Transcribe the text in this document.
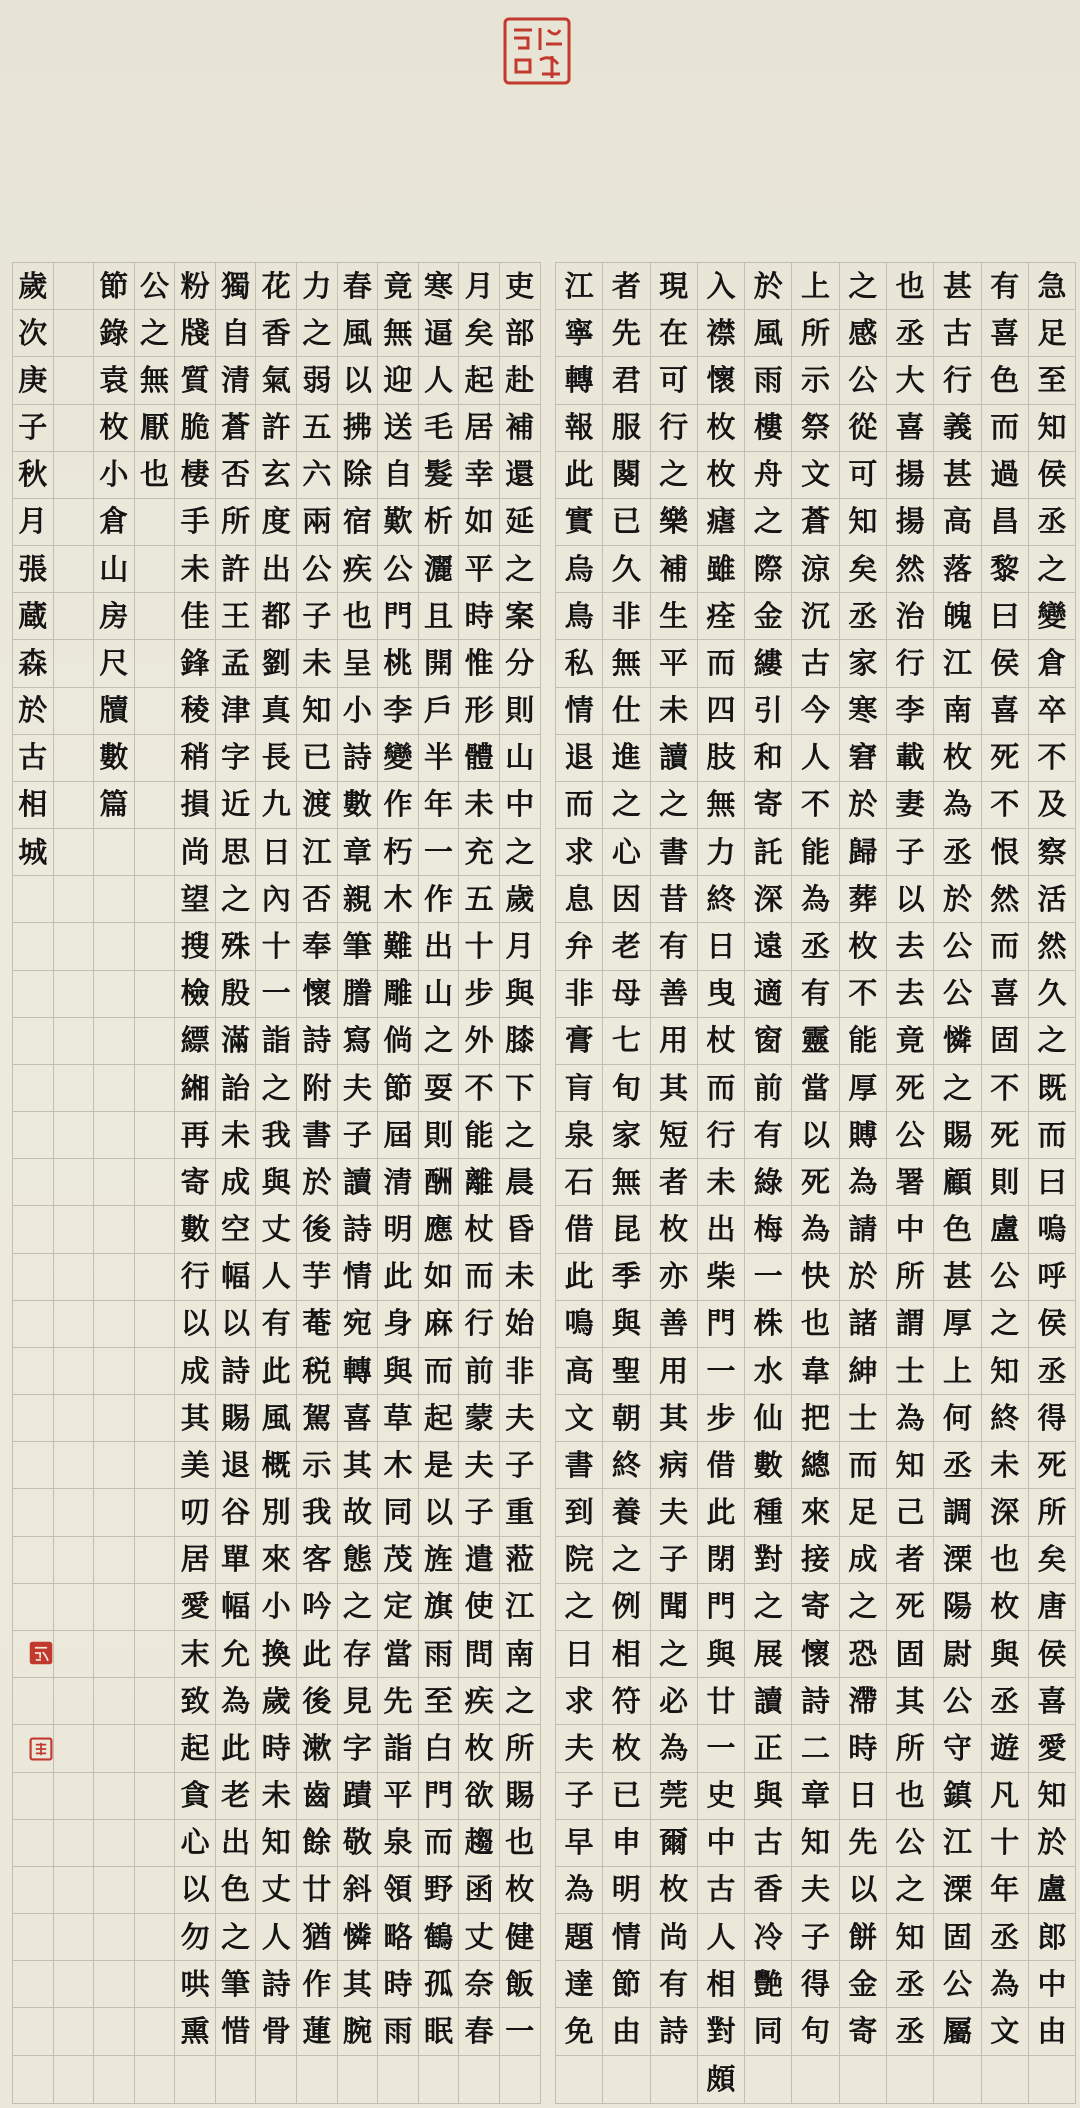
急
足
至
知
侯
丞
之
變
倉
卒
不
及
察
活
然
久
之
既
而
曰
嗚
呼
侯
丞
得
死
所
矣
唐
侯
喜
愛
知
於
盧
郎
中
由
有
喜
色
而
過
昌
黎
曰
侯
喜
死
不
恨
然
而
喜
固
不
死
則
盧
公
之
知
終
未
深
也
枚
與
丞
遊
凡
十
年
丞
為
文
甚
古
行
義
甚
高
落
魄
江
南
枚
為
丞
於
公
公
憐
之
賜
顧
色
甚
厚
上
何
丞
調
溧
陽
尉
公
守
鎮
江
溧
固
公
屬
也
丞
大
喜
揚
揚
然
治
行
李
載
妻
子
以
去
去
竟
死
公
署
中
所
謂
士
為
知
己
者
死
固
其
所
也
公
之
知
丞
丞
之
感
公
從
可
知
矣
丞
家
寒
窘
於
歸
葬
枚
不
能
厚
賻
為
請
於
諸
紳
士
而
足
成
之
恐
滯
時
日
先
以
餅
金
寄
上
所
示
祭
文
蒼
涼
沉
古
今
人
不
能
為
丞
有
靈
當
以
死
為
快
也
韋
把
總
來
接
寄
懷
詩
二
章
知
夫
子
得
句
於
風
雨
樓
舟
之
際
金
縷
引
和
寄
託
深
遠
適
窗
前
有
綠
梅
一
株
水
仙
數
種
對
之
展
讀
正
與
古
香
冷
艷
同
入
襟
懷
枚
枚
瘧
雖
痊
而
四
肢
無
力
終
日
曳
杖
而
行
未
出
柴
門
一
步
借
此
閉
門
與
廿
一
史
中
古
人
相
對
頗
現
在
可
行
之
樂
補
生
平
未
讀
之
書
昔
有
善
用
其
短
者
枚
亦
善
用
其
病
夫
子
聞
之
必
為
莞
爾
枚
尚
有
詩
者
先
君
服
闋
已
久
非
無
仕
進
之
心
因
老
母
七
旬
家
無
昆
季
與
聖
朝
終
養
之
例
相
符
枚
已
申
明
情
節
由
江
寧
轉
報
此
實
烏
鳥
私
情
退
而
求
息
弁
非
膏
肓
泉
石
借
此
鳴
高
文
書
到
院
之
日
求
夫
子
早
為
題
達
免
吏
部
赴
補
還
延
之
案
分
則
山
中
之
歲
月
與
膝
下
之
晨
昏
未
始
非
夫
子
重
蒞
江
南
之
所
賜
也
枚
健
飯
一
月
矣
起
居
幸
如
平
時
惟
形
體
未
充
五
十
步
外
不
能
離
杖
而
行
前
蒙
夫
子
遣
使
問
疾
枚
欲
趨
函
丈
奈
春
寒
逼
人
毛
髮
析
灑
且
開
戶
半
年
一
作
出
山
之
耍
則
酬
應
如
麻
而
起
是
以
旌
旗
雨
至
白
門
而
野
鶴
孤
眠
竟
無
迎
送
自
歎
公
門
桃
李
變
作
朽
木
難
雕
倘
節
屆
清
明
此
身
與
草
木
同
茂
定
當
先
詣
平
泉
領
略
時
雨
春
風
以
拂
除
宿
疾
也
呈
小
詩
數
章
親
筆
謄
寫
夫
子
讀
詩
情
宛
轉
喜
其
故
態
之
存
見
字
蹟
敬
斜
憐
其
腕
力
之
弱
五
六
兩
公
子
未
知
已
渡
江
否
奉
懷
詩
附
書
於
後
芋
菴
税
駕
示
我
客
吟
此
後
漱
齒
餘
廿
猶
作
蓮
花
香
氣
許
玄
度
出
都
劉
真
長
九
日
內
十
一
詣
之
我
與
丈
人
有
此
風
概
別
來
小
換
歲
時
未
知
丈
人
詩
骨
獨
自
清
蒼
否
所
許
王
孟
津
字
近
思
之
殊
殷
滿
詒
未
成
空
幅
以
詩
賜
退
谷
單
幅
允
為
此
老
出
色
之
筆
惜
粉
牋
質
脆
棲
手
未
佳
鋒
稜
稍
損
尚
望
搜
檢
縹
緗
再
寄
數
行
以
成
其
美
叨
居
愛
末
致
起
貪
心
以
勿
哄
熏
公
之
無
厭
也
節
錄
袁
枚
小
倉
山
房
尺
牘
數
篇
歲
次
庚
子
秋
月
張
蔵
森
於
古
相
城
